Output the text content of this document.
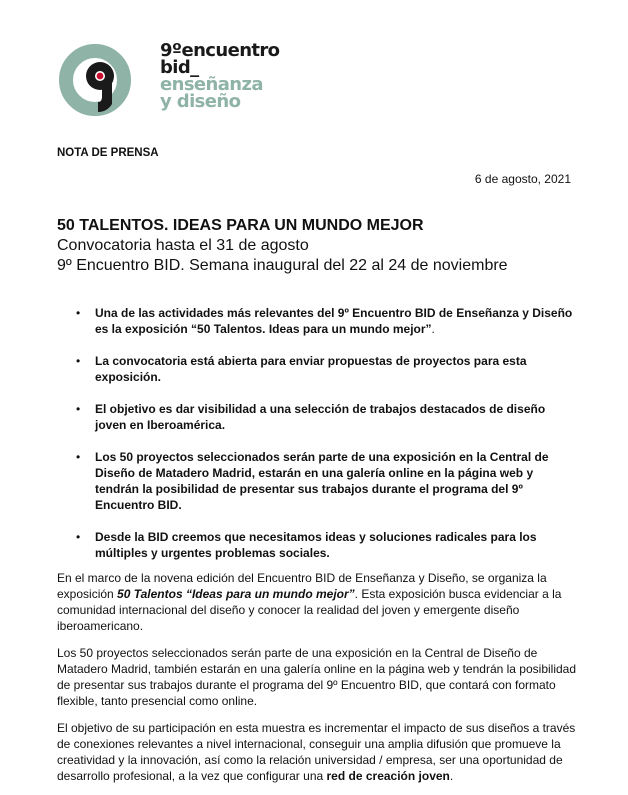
9ºencuentro
bid_
enseñanza
y diseño
NOTA DE PRENSA
6 de agosto, 2021
50 TALENTOS. IDEAS PARA UN MUNDO MEJOR
Convocatoria hasta el 31 de agosto
9º Encuentro BID. Semana inaugural del 22 al 24 de noviembre
• Una de las actividades más relevantes del 9º Encuentro BID de Enseñanza y Diseño es la exposición “50 Talentos. Ideas para un mundo mejor”.
• La convocatoria está abierta para enviar propuestas de proyectos para esta exposición.
• El objetivo es dar visibilidad a una selección de trabajos destacados de diseño joven en Iberoamérica.
• Los 50 proyectos seleccionados serán parte de una exposición en la Central de Diseño de Matadero Madrid, estarán en una galería online en la página web y tendrán la posibilidad de presentar sus trabajos durante el programa del 9º Encuentro BID.
• Desde la BID creemos que necesitamos ideas y soluciones radicales para los múltiples y urgentes problemas sociales.

En el marco de la novena edición del Encuentro BID de Enseñanza y Diseño, se organiza la exposición 50 Talentos “Ideas para un mundo mejor”. Esta exposición busca evidenciar a la comunidad internacional del diseño y conocer la realidad del joven y emergente diseño iberoamericano.

Los 50 proyectos seleccionados serán parte de una exposición en la Central de Diseño de Matadero Madrid, también estarán en una galería online en la página web y tendrán la posibilidad de presentar sus trabajos durante el programa del 9º Encuentro BID, que contará con formato flexible, tanto presencial como online.

El objetivo de su participación en esta muestra es incrementar el impacto de sus diseños a través de conexiones relevantes a nivel internacional, conseguir una amplia difusión que promueve la creatividad y la innovación, así como la relación universidad / empresa, ser una oportunidad de desarrollo profesional, a la vez que configurar una red de creación joven.
